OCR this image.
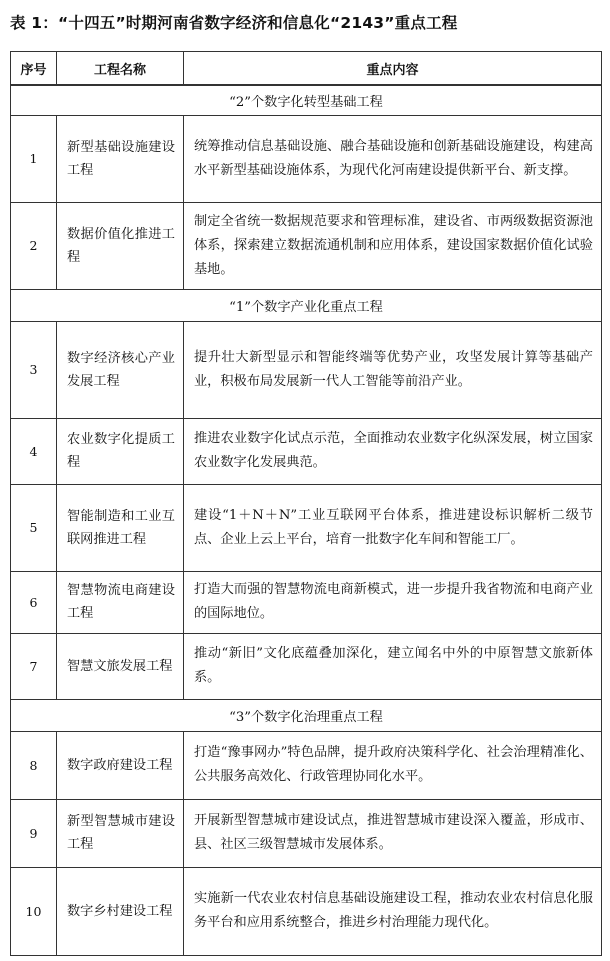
表 1：“十四五”时期河南省数字经济和信息化“2143”重点工程
序号	工程名称	重点内容
“2”个数字化转型基础工程		
1	新型基础设施建设工程	统筹推动信息基础设施、融合基础设施和创新基础设施建设，构建高水平新型基础设施体系，为现代化河南建设提供新平台、新支撑。
2	数据价值化推进工程	制定全省统一数据规范要求和管理标准，建设省、市两级数据资源池体系，探索建立数据流通机制和应用体系，建设国家数据价值化试验基地。
“1”个数字产业化重点工程		
3	数字经济核心产业发展工程	提升壮大新型显示和智能终端等优势产业，攻坚发展计算等基础产业，积极布局发展新一代人工智能等前沿产业。
4	农业数字化提质工程	推进农业数字化试点示范，全面推动农业数字化纵深发展，树立国家农业数字化发展典范。
5	智能制造和工业互联网推进工程	建设“1＋N＋N”工业互联网平台体系，推进建设标识解析二级节点、企业上云上平台，培育一批数字化车间和智能工厂。
6	智慧物流电商建设工程	打造大而强的智慧物流电商新模式，进一步提升我省物流和电商产业的国际地位。
7	智慧文旅发展工程	推动“新旧”文化底蕴叠加深化，建立闻名中外的中原智慧文旅新体系。
“3”个数字化治理重点工程		
8	数字政府建设工程	打造“豫事网办”特色品牌，提升政府决策科学化、社会治理精准化、公共服务高效化、行政管理协同化水平。
9	新型智慧城市建设工程	开展新型智慧城市建设试点，推进智慧城市建设深入覆盖，形成市、县、社区三级智慧城市发展体系。
10	数字乡村建设工程	实施新一代农业农村信息基础设施建设工程，推动农业农村信息化服务平台和应用系统整合，推进乡村治理能力现代化。
